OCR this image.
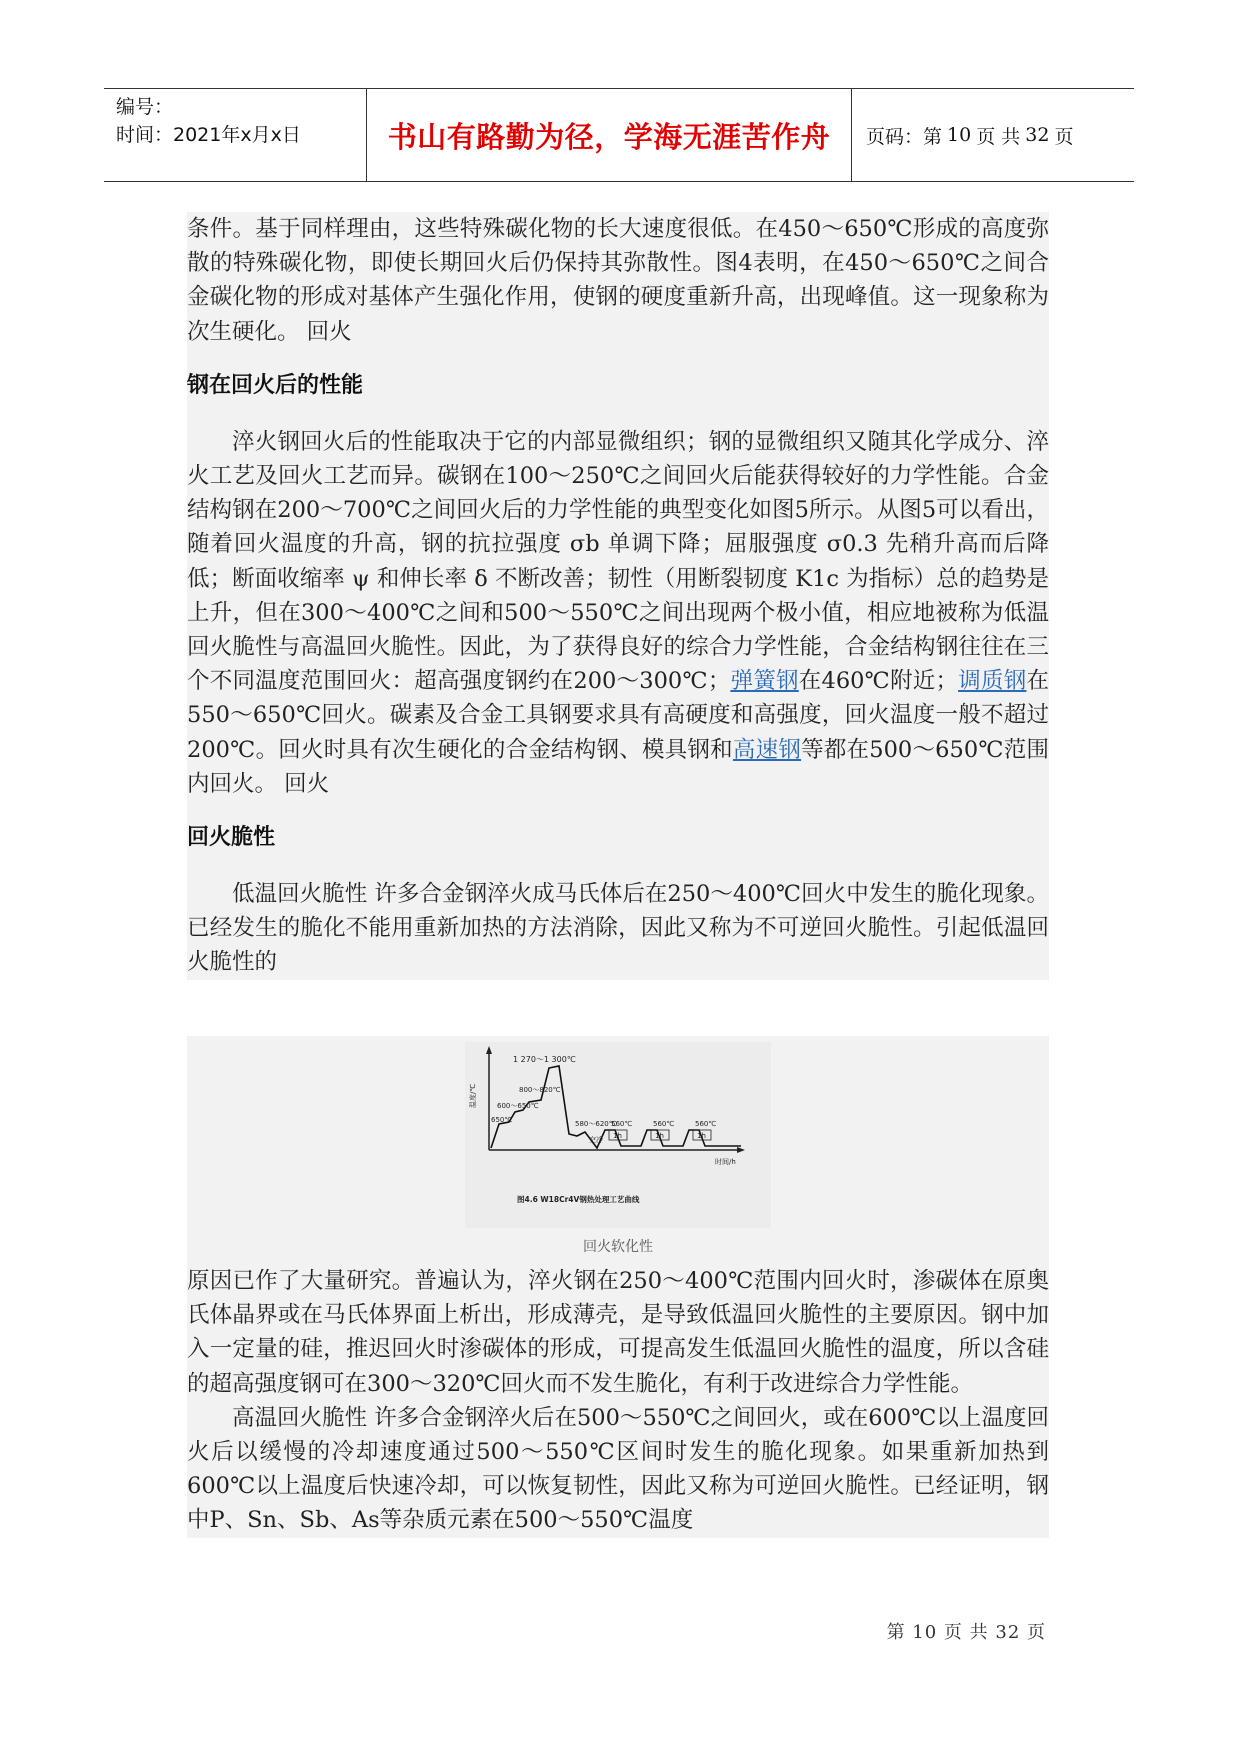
编号：
时间：2021年x月x日	书山有路勤为径，学海无涯苦作舟	页码：第 10 页 共 32 页

条件。基于同样理由，这些特殊碳化物的长大速度很低。在450～650℃形成的高度弥散的特殊碳化物，即使长期回火后仍保持其弥散性。图4表明，在450～650℃之间合金碳化物的形成对基体产生强化作用，使钢的硬度重新升高，出现峰值。这一现象称为次生硬化。 回火

钢在回火后的性能

淬火钢回火后的性能取决于它的内部显微组织；钢的显微组织又随其化学成分、淬火工艺及回火工艺而异。碳钢在100～250℃之间回火后能获得较好的力学性能。合金结构钢在200～700℃之间回火后的力学性能的典型变化如图5所示。从图5可以看出，随着回火温度的升高，钢的抗拉强度 σb 单调下降；屈服强度 σ0.3 先稍升高而后降低；断面收缩率 ψ 和伸长率 δ 不断改善；韧性（用断裂韧度 K1c 为指标）总的趋势是上升，但在300～400℃之间和500～550℃之间出现两个极小值，相应地被称为低温回火脆性与高温回火脆性。因此，为了获得良好的综合力学性能，合金结构钢往往在三个不同温度范围回火：超高强度钢约在200～300℃；弹簧钢在460℃附近；调质钢在550～650℃回火。碳素及合金工具钢要求具有高硬度和高强度，回火温度一般不超过200℃。回火时具有次生硬化的合金结构钢、模具钢和高速钢等都在500～650℃范围内回火。 回火

回火脆性

低温回火脆性 许多合金钢淬火成马氏体后在250～400℃回火中发生的脆化现象。已经发生的脆化不能用重新加热的方法消除，因此又称为不可逆回火脆性。引起低温回火脆性的

1 270～1 300℃
800～820℃
600～650℃
650℃	580～620℃
空冷
560℃
1h
560℃
1h
560℃
1h
温度/℃
时间/h
图4.6 W18Cr4V钢热处理工艺曲线
回火软化性

原因已作了大量研究。普遍认为，淬火钢在250～400℃范围内回火时，渗碳体在原奥氏体晶界或在马氏体界面上析出，形成薄壳，是导致低温回火脆性的主要原因。钢中加入一定量的硅，推迟回火时渗碳体的形成，可提高发生低温回火脆性的温度，所以含硅的超高强度钢可在300～320℃回火而不发生脆化，有利于改进综合力学性能。

高温回火脆性 许多合金钢淬火后在500～550℃之间回火，或在600℃以上温度回火后以缓慢的冷却速度通过500～550℃区间时发生的脆化现象。如果重新加热到600℃以上温度后快速冷却，可以恢复韧性，因此又称为可逆回火脆性。已经证明，钢中P、Sn、Sb、As等杂质元素在500～550℃温度

第 10 页 共 32 页
